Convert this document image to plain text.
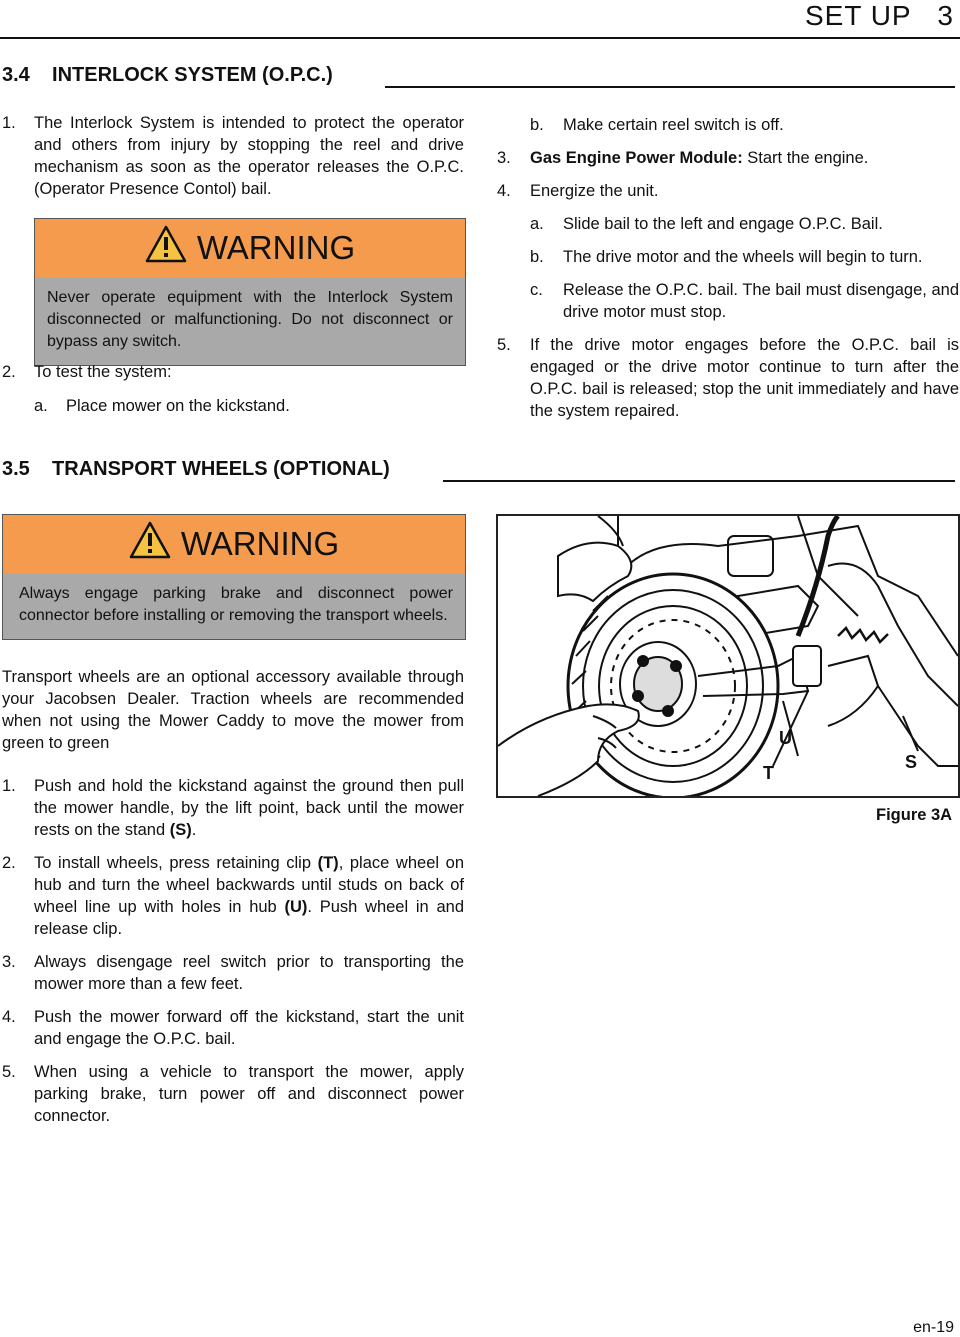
SET UP   3
3.4    INTERLOCK SYSTEM (O.P.C.)
1. The Interlock System is intended to protect the operator and others from injury by stopping the reel and drive mechanism as soon as the operator releases the O.P.C. (Operator Presence Contol) bail.
WARNING
Never operate equipment with the Interlock System disconnected or malfunctioning. Do not disconnect or bypass any switch.
2. To test the system:
a. Place mower on the kickstand.
b. Make certain reel switch is off.
3. Gas Engine Power Module: Start the engine.
4. Energize the unit.
a. Slide bail to the left and engage O.P.C. Bail.
b. The drive motor and the wheels will begin to turn.
c. Release the O.P.C. bail. The bail must disengage, and drive motor must stop.
5. If the drive motor engages before the O.P.C. bail is engaged or the drive motor continue to turn after the O.P.C. bail is released; stop the unit immediately and have the system repaired.
3.5    TRANSPORT WHEELS (OPTIONAL)
WARNING
Always engage parking brake and disconnect power connector before installing or removing the transport wheels.
Transport wheels are an optional accessory available through your Jacobsen Dealer. Traction wheels are recommended when not using the Mower Caddy to move the mower from green to green
1. Push and hold the kickstand against the ground then pull the mower handle, by the lift point, back until the mower rests on the stand (S).
2. To install wheels, press retaining clip (T), place wheel on hub and turn the wheel backwards until studs on back of wheel line up with holes in hub (U). Push wheel in and release clip.
3. Always disengage reel switch prior to transporting the mower more than a few feet.
4. Push the mower forward off the kickstand, start the unit and engage the O.P.C. bail.
5. When using a vehicle to transport the mower, apply parking brake, turn power off and disconnect power connector.
U
T
S
Figure 3A
en-19
